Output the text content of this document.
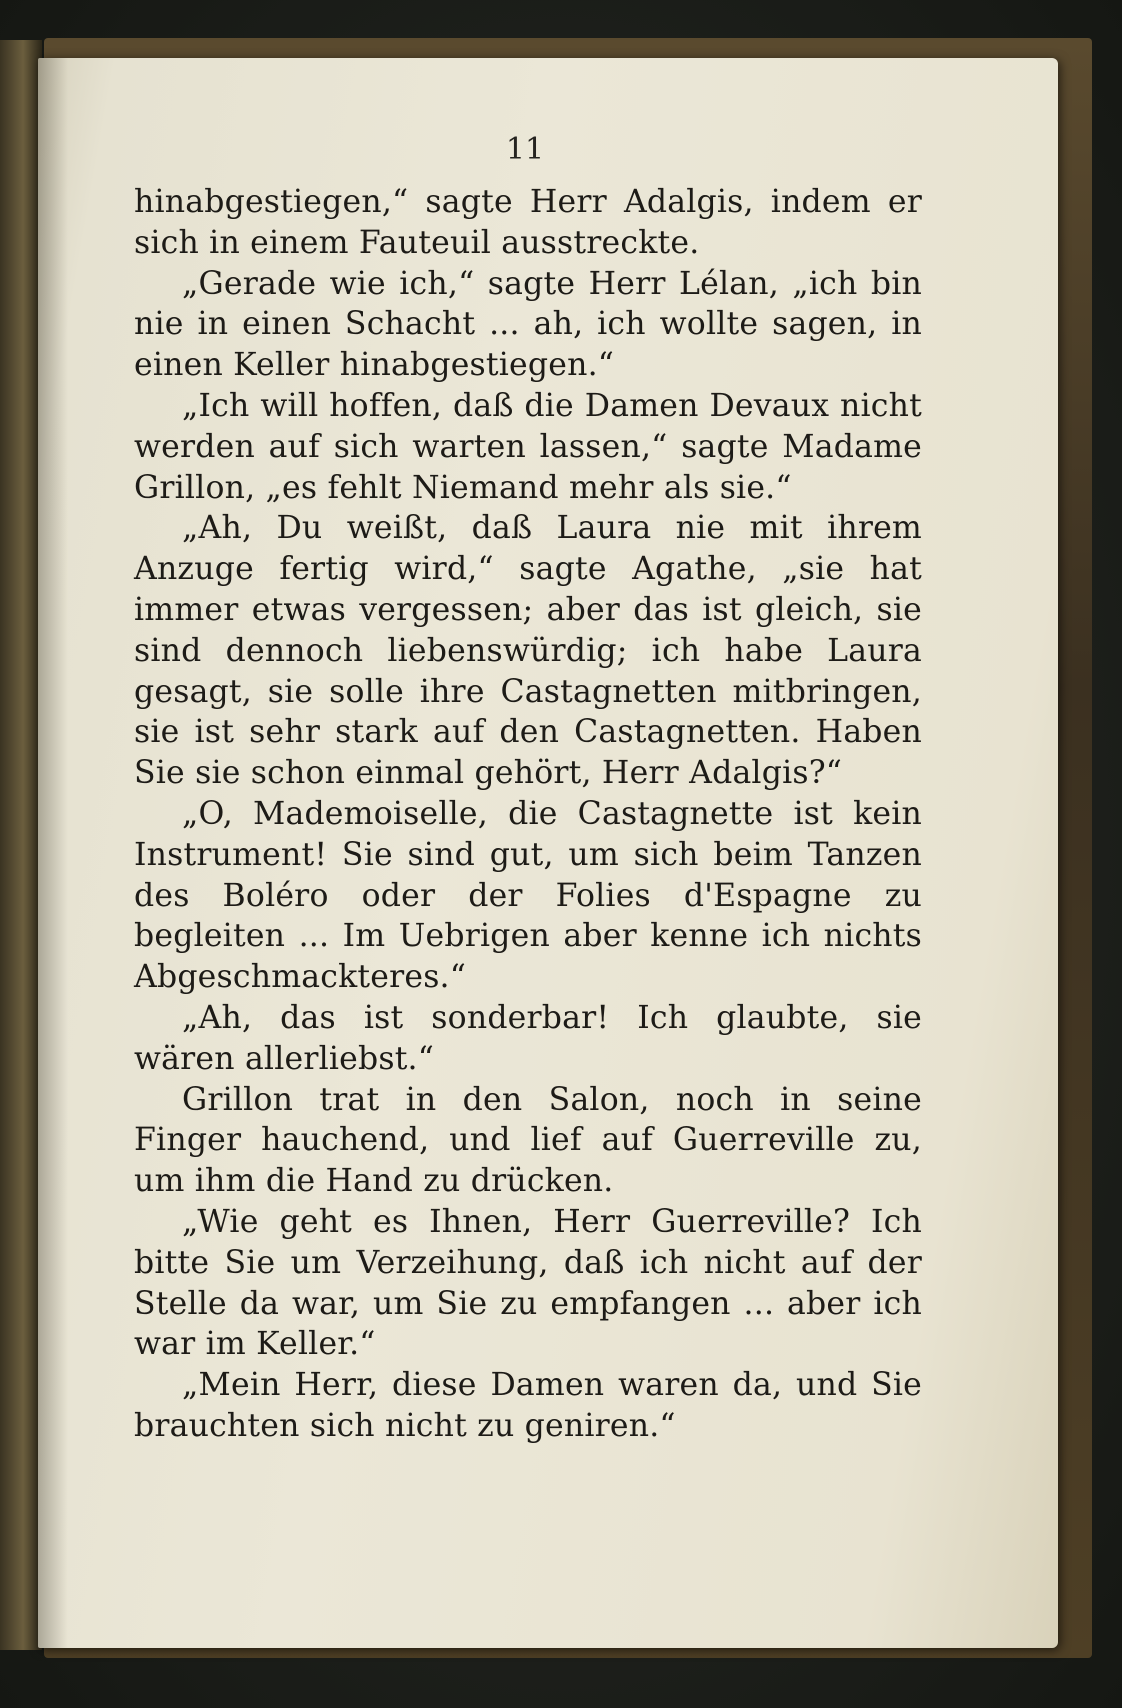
11

hinabgestiegen,“ sagte Herr Adalgis, indem er sich in einem Fauteuil ausstreckte.

„Gerade wie ich,“ sagte Herr Lélan, „ich bin nie in einen Schacht ... ah, ich wollte sagen, in einen Keller hinabgestiegen.“

„Ich will hoffen, daß die Damen Devaux nicht werden auf sich warten lassen,“ sagte Madame Grillon, „es fehlt Niemand mehr als sie.“

„Ah, Du weißt, daß Laura nie mit ihrem Anzuge fertig wird,“ sagte Agathe, „sie hat immer etwas vergessen; aber das ist gleich, sie sind dennoch liebenswürdig; ich habe Laura gesagt, sie solle ihre Castagnetten mitbringen, sie ist sehr stark auf den Castagnetten. Haben Sie sie schon einmal gehört, Herr Adalgis?“

„O, Mademoiselle, die Castagnette ist kein Instrument! Sie sind gut, um sich beim Tanzen des Boléro oder der Folies d'Espagne zu begleiten ... Im Uebrigen aber kenne ich nichts Abgeschmackteres.“

„Ah, das ist sonderbar! Ich glaubte, sie wären allerliebst.“

Grillon trat in den Salon, noch in seine Finger hauchend, und lief auf Guerreville zu, um ihm die Hand zu drücken.

„Wie geht es Ihnen, Herr Guerreville? Ich bitte Sie um Verzeihung, daß ich nicht auf der Stelle da war, um Sie zu empfangen ... aber ich war im Keller.“

„Mein Herr, diese Damen waren da, und Sie brauchten sich nicht zu geniren.“
